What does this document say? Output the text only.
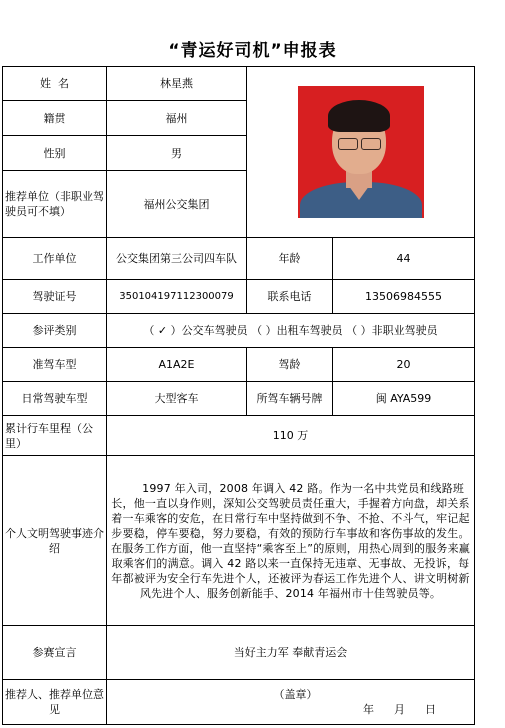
“青运好司机”申报表
姓  名	林星燕		

籍贯	福州		
性别	男		
推荐单位（非职业驾驶员可不填）	福州公交集团		
工作单位	公交集团第三公司四车队	年龄	44
驾驶证号	350104197112300079	联系电话	13506984555
参评类别	（ ✓ ）公交车驾驶员 （ ）出租车驾驶员 （ ）非职业驾驶员		
准驾车型	A1A2E	驾龄	20
日常驾驶车型	大型客车	所驾车辆号牌	闽 AYA599
累计行车里程（公里）	110 万		
个人文明驾驶事迹介绍	1997 年入司，2008 年调入 42 路。作为一名中共党员和线路班长，他一直以身作则，深知公交驾驶员责任重大，手握着方向盘，却关系着一车乘客的安危，在日常行车中坚持做到不争、不抢、不斗气，牢记起步要稳，停车要稳，努力要稳，有效的预防行车事故和客伤事故的发生。在服务工作方面，他一直坚持“乘客至上”的原则，用热心周到的服务来赢取乘客们的满意。调入 42 路以来一直保持无违章、无事故、无投诉，每年都被评为安全行车先进个人，还被评为春运工作先进个人、讲文明树新风先进个人、服务创新能手、2014 年福州市十佳驾驶员等。		
参赛宣言	当好主力军 奉献青运会		
推荐人、推荐单位意见	（盖章）
年 月 日		
